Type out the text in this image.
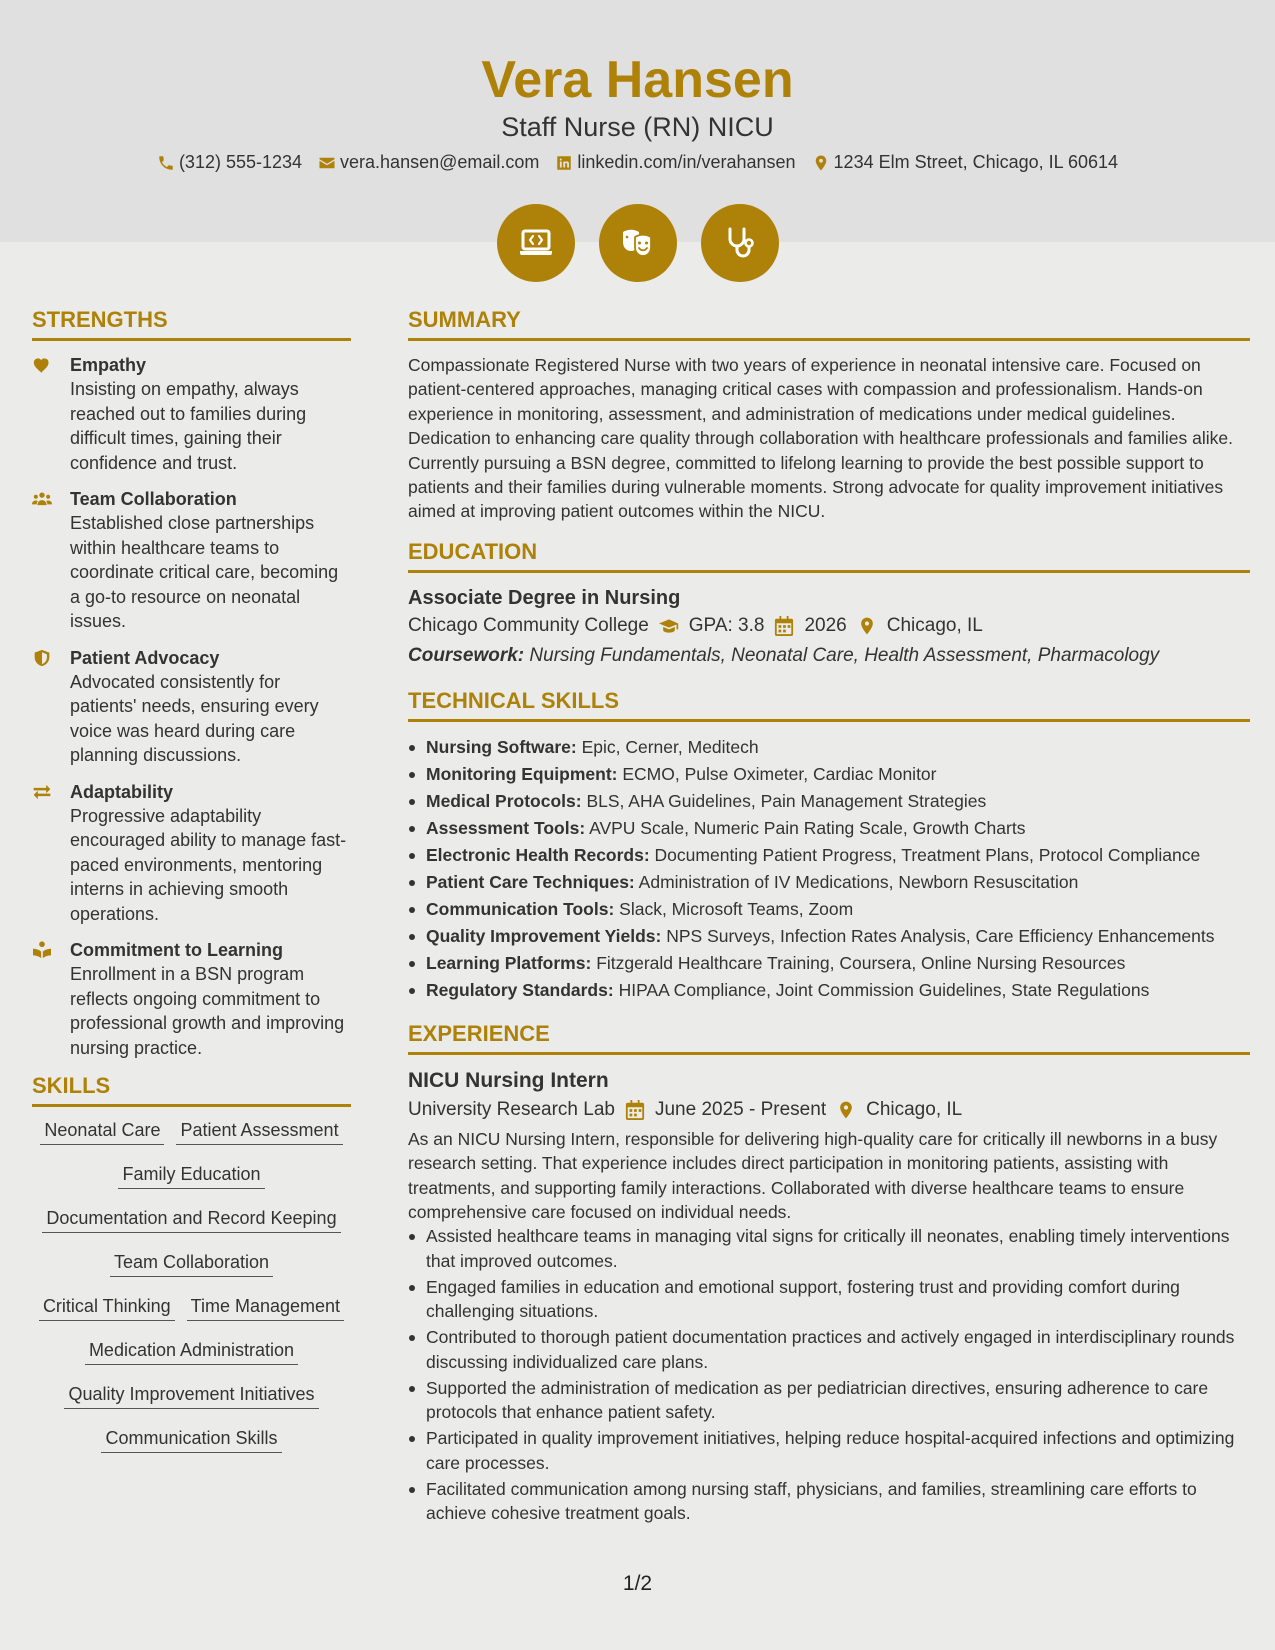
Vera Hansen
Staff Nurse (RN) NICU
(312) 555-1234 vera.hansen@email.com linkedin.com/in/verahansen 1234 Elm Street, Chicago, IL 60614
STRENGTHS
Empathy
Insisting on empathy, always reached out to families during difficult times, gaining their confidence and trust.
Team Collaboration
Established close partnerships within healthcare teams to coordinate critical care, becoming a go-to resource on neonatal issues.
Patient Advocacy
Advocated consistently for patients' needs, ensuring every voice was heard during care planning discussions.
Adaptability
Progressive adaptability encouraged ability to manage fast-paced environments, mentoring interns in achieving smooth operations.
Commitment to Learning
Enrollment in a BSN program reflects ongoing commitment to professional growth and improving nursing practice.
SKILLS
Neonatal Care Patient Assessment
Family Education
Documentation and Record Keeping
Team Collaboration
Critical Thinking Time Management
Medication Administration
Quality Improvement Initiatives
Communication Skills
SUMMARY
Compassionate Registered Nurse with two years of experience in neonatal intensive care. Focused on patient-centered approaches, managing critical cases with compassion and professionalism. Hands-on experience in monitoring, assessment, and administration of medications under medical guidelines. Dedication to enhancing care quality through collaboration with healthcare professionals and families alike. Currently pursuing a BSN degree, committed to lifelong learning to provide the best possible support to patients and their families during vulnerable moments. Strong advocate for quality improvement initiatives aimed at improving patient outcomes within the NICU.
EDUCATION
Associate Degree in Nursing
Chicago Community College GPA: 3.8 2026 Chicago, IL
Coursework: Nursing Fundamentals, Neonatal Care, Health Assessment, Pharmacology
TECHNICAL SKILLS
Nursing Software: Epic, Cerner, Meditech
Monitoring Equipment: ECMO, Pulse Oximeter, Cardiac Monitor
Medical Protocols: BLS, AHA Guidelines, Pain Management Strategies
Assessment Tools: AVPU Scale, Numeric Pain Rating Scale, Growth Charts
Electronic Health Records: Documenting Patient Progress, Treatment Plans, Protocol Compliance
Patient Care Techniques: Administration of IV Medications, Newborn Resuscitation
Communication Tools: Slack, Microsoft Teams, Zoom
Quality Improvement Yields: NPS Surveys, Infection Rates Analysis, Care Efficiency Enhancements
Learning Platforms: Fitzgerald Healthcare Training, Coursera, Online Nursing Resources
Regulatory Standards: HIPAA Compliance, Joint Commission Guidelines, State Regulations
EXPERIENCE
NICU Nursing Intern
University Research Lab June 2025 - Present Chicago, IL
As an NICU Nursing Intern, responsible for delivering high-quality care for critically ill newborns in a busy research setting. That experience includes direct participation in monitoring patients, assisting with treatments, and supporting family interactions. Collaborated with diverse healthcare teams to ensure comprehensive care focused on individual needs.
Assisted healthcare teams in managing vital signs for critically ill neonates, enabling timely interventions that improved outcomes.
Engaged families in education and emotional support, fostering trust and providing comfort during challenging situations.
Contributed to thorough patient documentation practices and actively engaged in interdisciplinary rounds discussing individualized care plans.
Supported the administration of medication as per pediatrician directives, ensuring adherence to care protocols that enhance patient safety.
Participated in quality improvement initiatives, helping reduce hospital-acquired infections and optimizing care processes.
Facilitated communication among nursing staff, physicians, and families, streamlining care efforts to achieve cohesive treatment goals.
1/2
